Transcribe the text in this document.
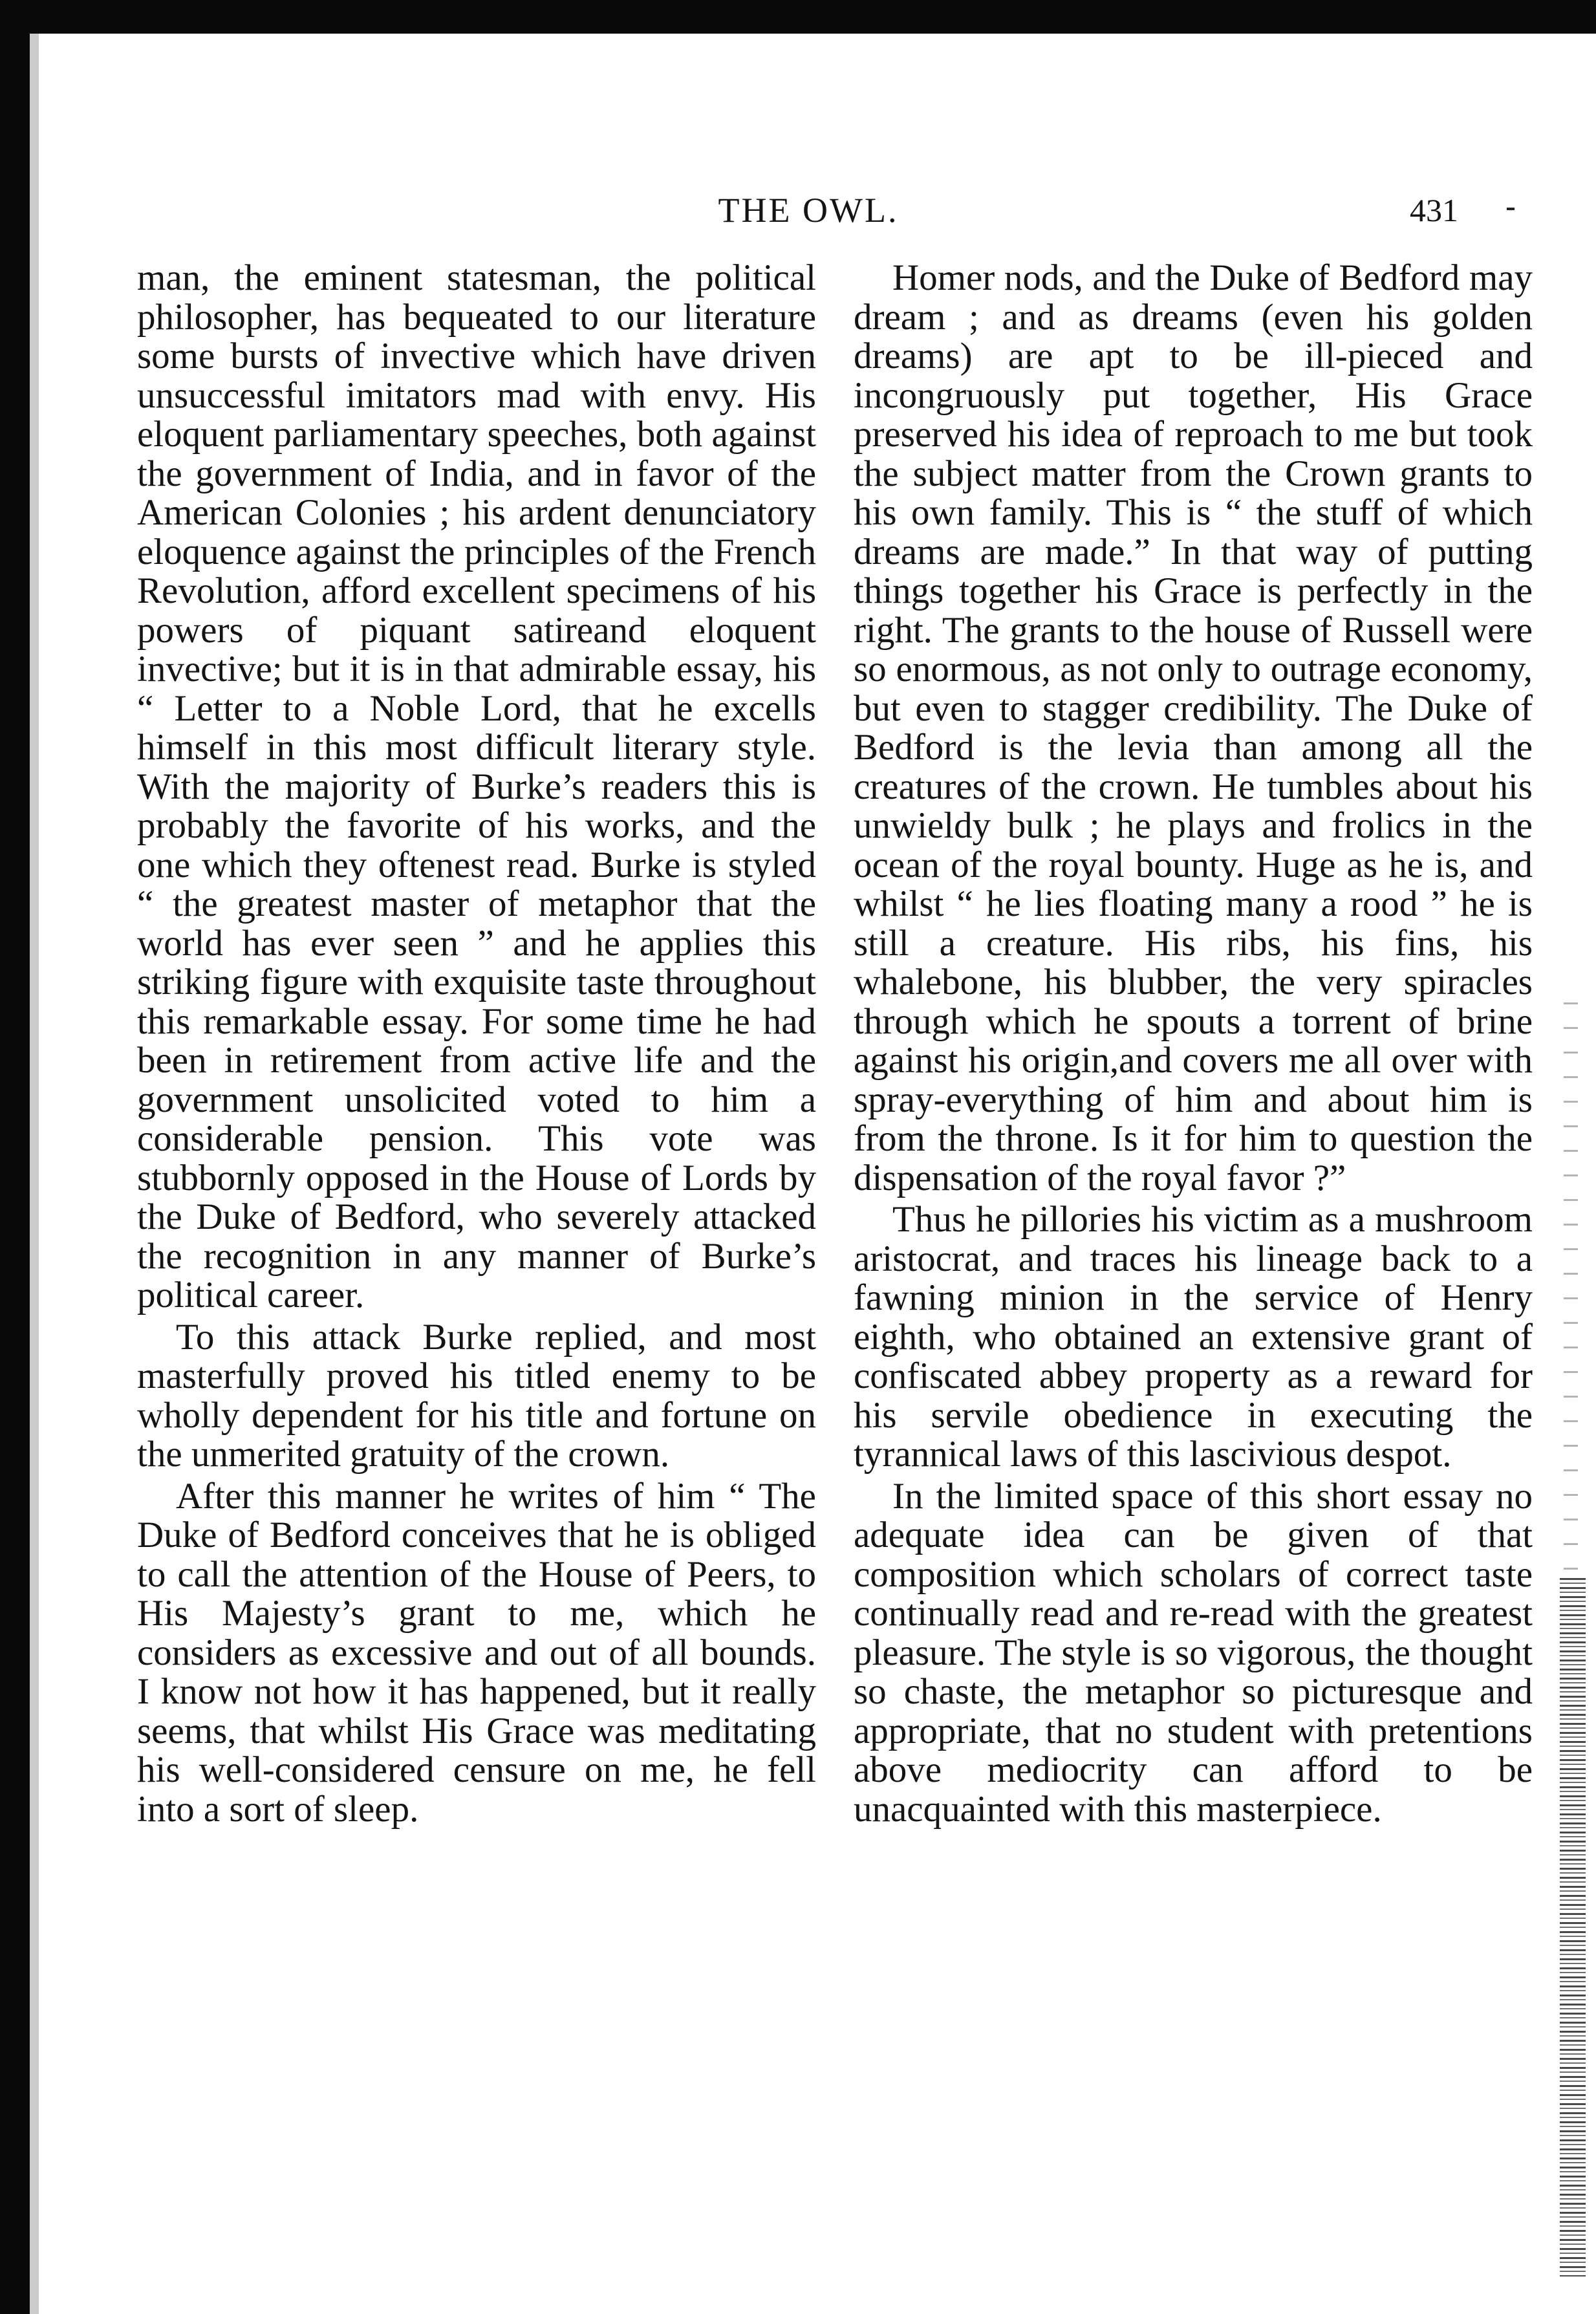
THE OWL.	431

man, the eminent statesman, the political philosopher, has bequeated to our literature some bursts of invective which have driven unsuccessful imitators mad with envy. His eloquent parliamentary speeches, both against the government of India, and in favor of the American Colonies ; his ardent denunciatory eloquence against the principles of the French Revolution, afford excellent specimens of his powers of piquant satireand eloquent invective; but it is in that admirable essay, his “ Letter to a Noble Lord, that he excells himself in this most difficult literary style. With the majority of Burke’s readers this is probably the favorite of his works, and the one which they oftenest read. Burke is styled “ the greatest master of metaphor that the world has ever seen ” and he applies this striking figure with exquisite taste throughout this remarkable essay. For some time he had been in retirement from active life and the government unsolicited voted to him a considerable pension. This vote was stubbornly opposed in the House of Lords by the Duke of Bedford, who severely attacked the recognition in any manner of Burke’s political career.

To this attack Burke replied, and most masterfully proved his titled enemy to be wholly dependent for his title and fortune on the unmerited gratuity of the crown.

After this manner he writes of him “ The Duke of Bedford conceives that he is obliged to call the attention of the House of Peers, to His Majesty’s grant to me, which he considers as excessive and out of all bounds. I know not how it has happened, but it really seems, that whilst His Grace was meditating his well-considered censure on me, he fell into a sort of sleep.

Homer nods, and the Duke of Bedford may dream ; and as dreams (even his golden dreams) are apt to be ill-pieced and incongruously put together, His Grace preserved his idea of reproach to me but took the subject matter from the Crown grants to his own family. This is “ the stuff of which dreams are made.” In that way of putting things together his Grace is perfectly in the right. The grants to the house of Russell were so enormous, as not only to outrage economy, but even to stagger credibility. The Duke of Bedford is the levia than among all the creatures of the crown. He tumbles about his unwieldy bulk ; he plays and frolics in the ocean of the royal bounty. Huge as he is, and whilst “ he lies floating many a rood ” he is still a creature. His ribs, his fins, his whalebone, his blubber, the very spiracles through which he spouts a torrent of brine against his origin,and covers me all over with spray-everything of him and about him is from the throne. Is it for him to question the dispensation of the royal favor ?”

Thus he pillories his victim as a mushroom aristocrat, and traces his lineage back to a fawning minion in the service of Henry eighth, who obtained an extensive grant of confiscated abbey property as a reward for his servile obedience in executing the tyrannical laws of this lascivious despot.

In the limited space of this short essay no adequate idea can be given of that composition which scholars of correct taste continually read and re-read with the greatest pleasure. The style is so vigorous, the thought so chaste, the metaphor so picturesque and appropriate, that no student with pretentions above mediocrity can afford to be unacquainted with this masterpiece.
